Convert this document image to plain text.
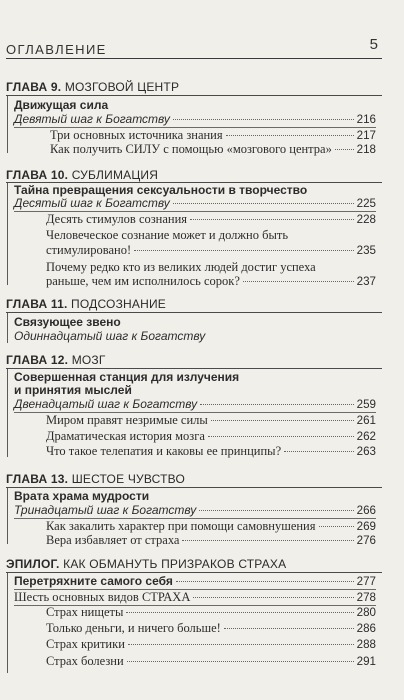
ОГЛАВЛЕНИЕ	5
ГЛАВА 9. МОЗГОВОЙ ЦЕНТР
Движущая сила
Девятый шаг к Богатству	216
Три основных источника знания	217
Как получить СИЛУ с помощью «мозгового центра» 218
ГЛАВА 10. СУБЛИМАЦИЯ
Тайна превращения сексуальности в творчество
Десятый шаг к Богатству	225
Десять стимулов сознания	228
Человеческое сознание может и должно быть
стимулировано!	235
Почему редко кто из великих людей достиг успеха
раньше, чем им исполнилось сорок?	237
ГЛАВА 11. ПОДСОЗНАНИЕ
Связующее звено
Одиннадцатый шаг к Богатству
ГЛАВА 12. МОЗГ
Совершенная станция для излучения
и принятия мыслей
Двенадцатый шаг к Богатству	259
Миром правят незримые силы	261
Драматическая история мозга	262
Что такое телепатия и каковы ее принципы?	263
ГЛАВА 13. ШЕСТОЕ ЧУВСТВО
Врата храма мудрости
Тринадцатый шаг к Богатству	266
Как закалить характер при помощи самовнушения	269
Вера избавляет от страха	276
ЭПИЛОГ. КАК ОБМАНУТЬ ПРИЗРАКОВ СТРАХА
Перетряхните самого себя	277
Шесть основных видов СТРАХА	278
Страх нищеты	280
Только деньги, и ничего больше!	286
Страх критики	288
Страх болезни	291
